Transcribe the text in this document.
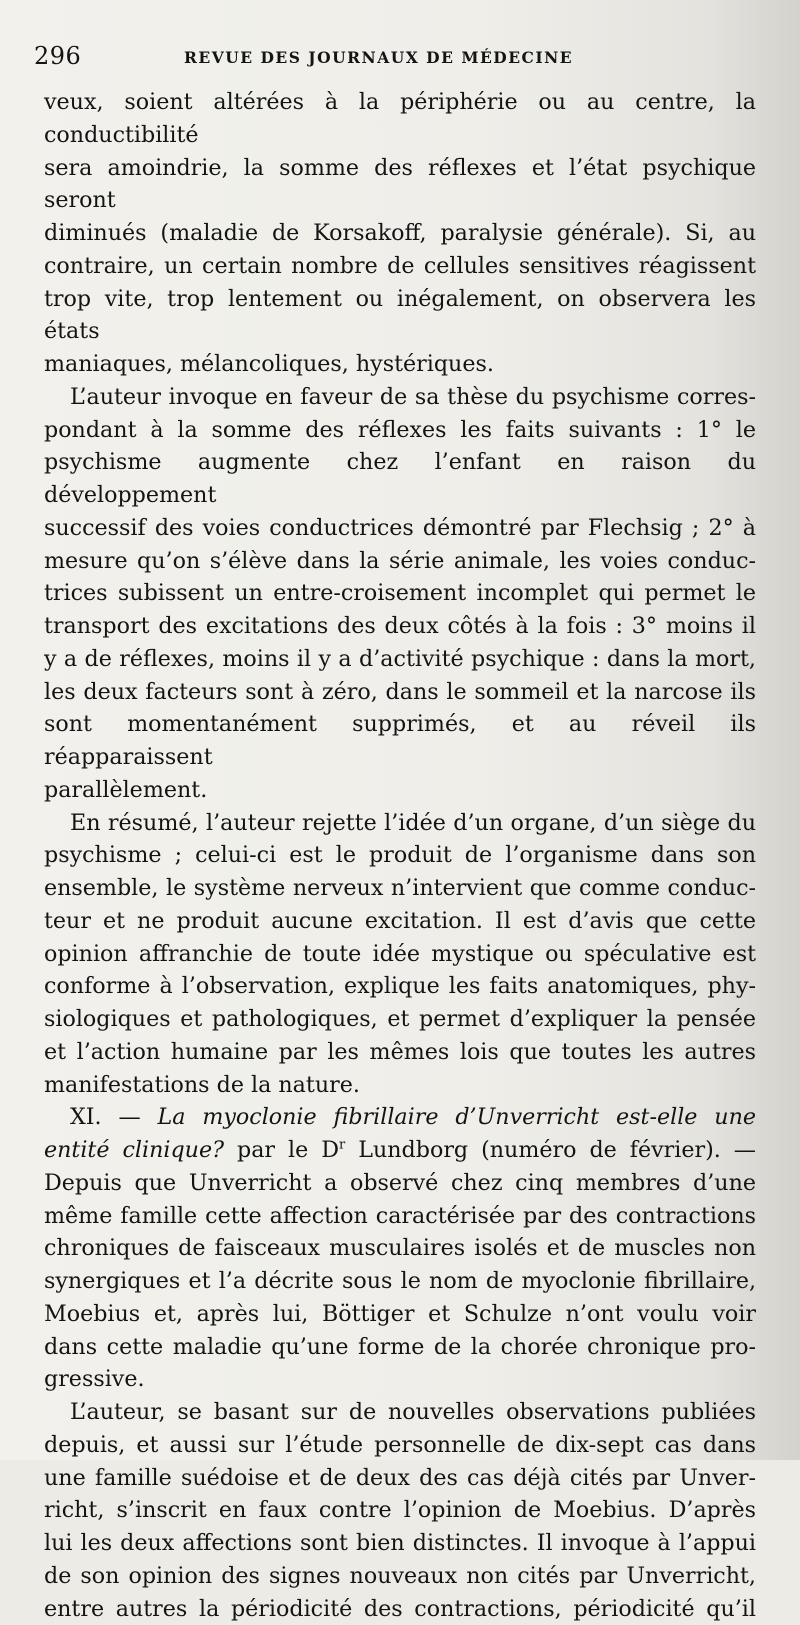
296	REVUE DES JOURNAUX DE MÉDECINE

veux, soient altérées à la périphérie ou au centre, la conductibilité

sera amoindrie, la somme des réflexes et l’état psychique seront

diminués (maladie de Korsakoff, paralysie générale). Si, au

contraire, un certain nombre de cellules sensitives réagissent

trop vite, trop lentement ou inégalement, on observera les états

maniaques, mélancoliques, hystériques.

L’auteur invoque en faveur de sa thèse du psychisme corres-

pondant à la somme des réflexes les faits suivants : 1° le

psychisme augmente chez l’enfant en raison du développement

successif des voies conductrices démontré par Flechsig ; 2° à

mesure qu’on s’élève dans la série animale, les voies conduc-

trices subissent un entre-croisement incomplet qui permet le

transport des excitations des deux côtés à la fois : 3° moins il

y a de réflexes, moins il y a d’activité psychique : dans la mort,

les deux facteurs sont à zéro, dans le sommeil et la narcose ils

sont momentanément supprimés, et au réveil ils réapparaissent

parallèlement.

En résumé, l’auteur rejette l’idée d’un organe, d’un siège du

psychisme ; celui-ci est le produit de l’organisme dans son

ensemble, le système nerveux n’intervient que comme conduc-

teur et ne produit aucune excitation. Il est d’avis que cette

opinion affranchie de toute idée mystique ou spéculative est

conforme à l’observation, explique les faits anatomiques, phy-

siologiques et pathologiques, et permet d’expliquer la pensée

et l’action humaine par les mêmes lois que toutes les autres

manifestations de la nature.

XI. — La myoclonie fibrillaire d’Unverricht est-elle une

entité clinique? par le $D^r$ Lundborg (numéro de février). —

Depuis que Unverricht a observé chez cinq membres d’une

même famille cette affection caractérisée par des contractions

chroniques de faisceaux musculaires isolés et de muscles non

synergiques et l’a décrite sous le nom de myoclonie fibrillaire,

Moebius et, après lui, Böttiger et Schulze n’ont voulu voir

dans cette maladie qu’une forme de la chorée chronique pro-

gressive.

L’auteur, se basant sur de nouvelles observations publiées

depuis, et aussi sur l’étude personnelle de dix-sept cas dans

une famille suédoise et de deux des cas déjà cités par Unver-

richt, s’inscrit en faux contre l’opinion de Moebius. D’après

lui les deux affections sont bien distinctes. Il invoque à l’appui

de son opinion des signes nouveaux non cités par Unverricht,

entre autres la périodicité des contractions, périodicité qu’il
